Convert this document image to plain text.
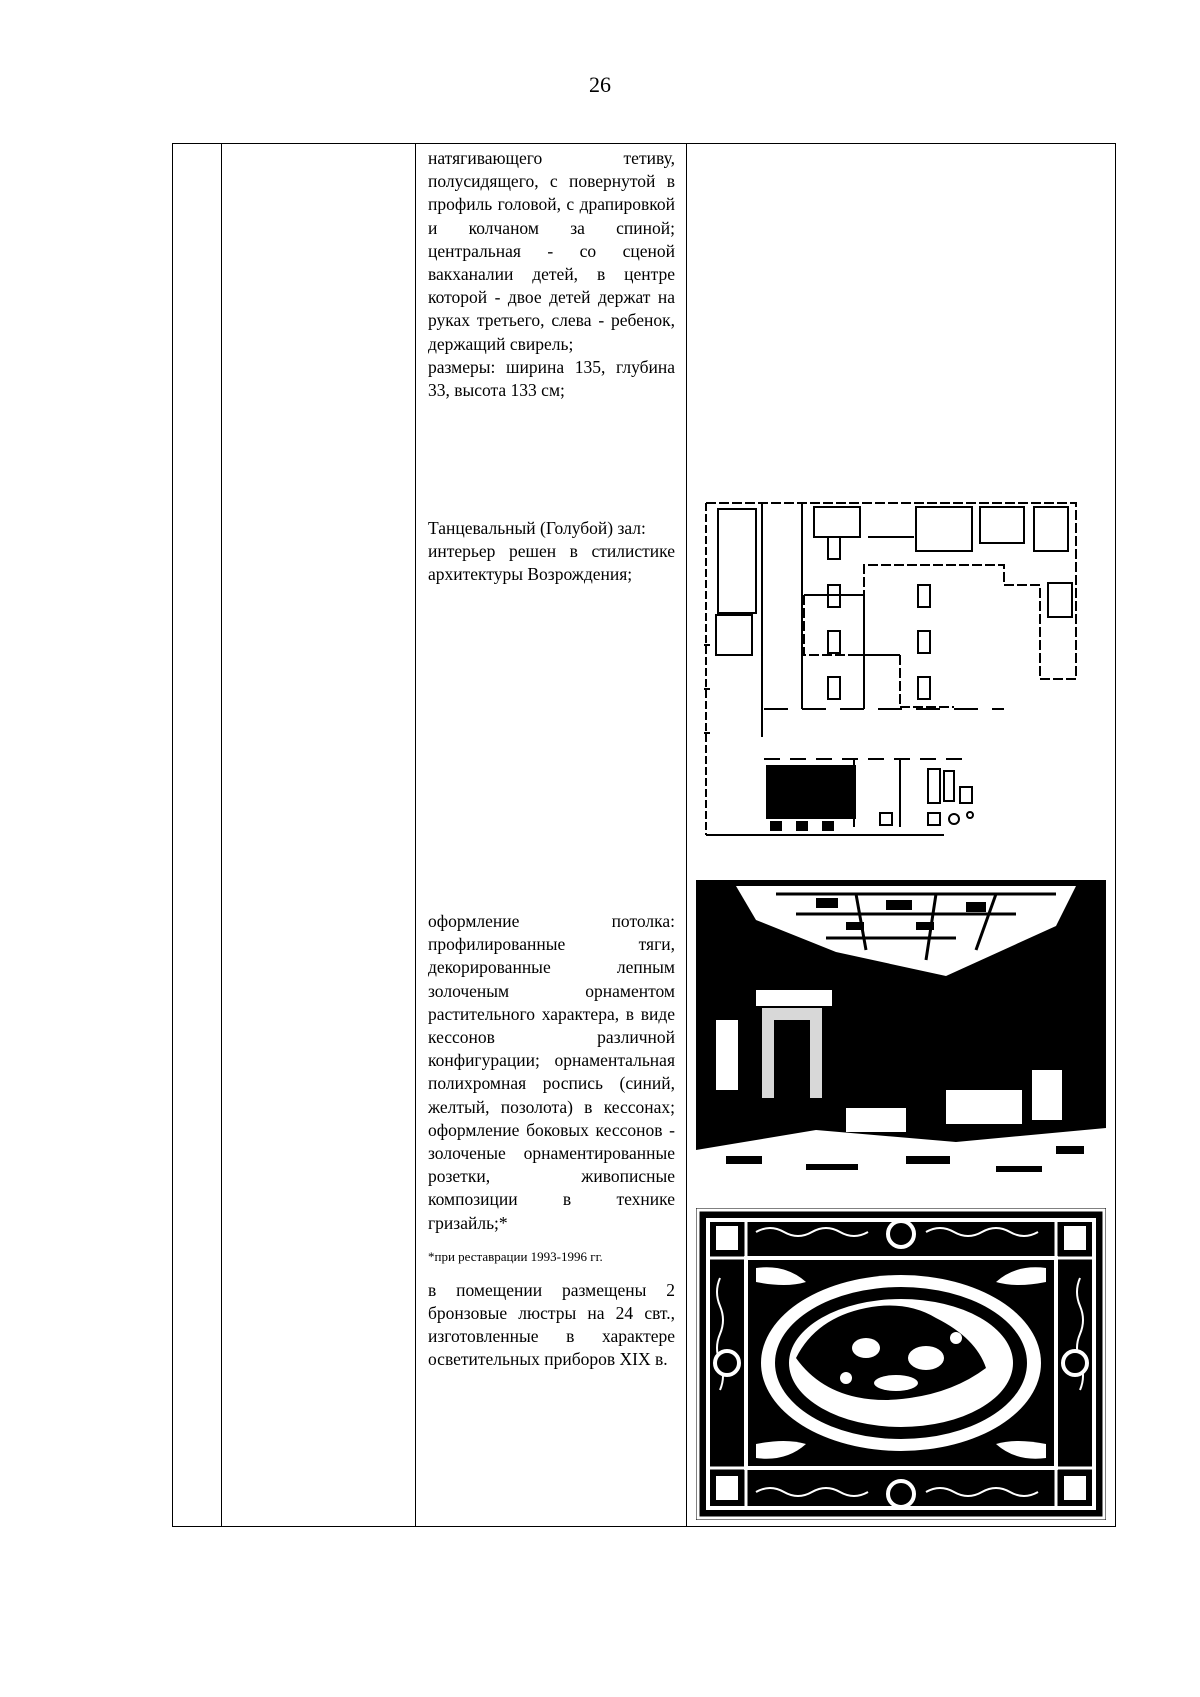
26

натягивающего тетиву, полусидящего, с повернутой в профиль головой, с драпировкой и колчаном за спиной; центральная - со сценой вакханалии детей, в центре которой - двое детей держат на руках третьего, слева - ребенок, держащий свирель;

размеры: ширина 135, глубина 33, высота 133 см;

Танцевальный (Голубой) зал:

интерьер решен в стилистике архитектуры Возрождения;

оформление потолка: профилированные тяги, декорированные лепным золоченым орнаментом растительного характера, в виде кессонов различной конфигурации; орнаментальная полихромная роспись (синий, желтый, позолота) в кессонах; оформление боковых кессонов - золоченые орнаментированные розетки, живописные композиции в технике гризайль;*

*при реставрации 1993-1996 гг.

в помещении размещены 2 бронзовые люстры на 24 свт., изготовленные в характере осветительных приборов XIX в.
